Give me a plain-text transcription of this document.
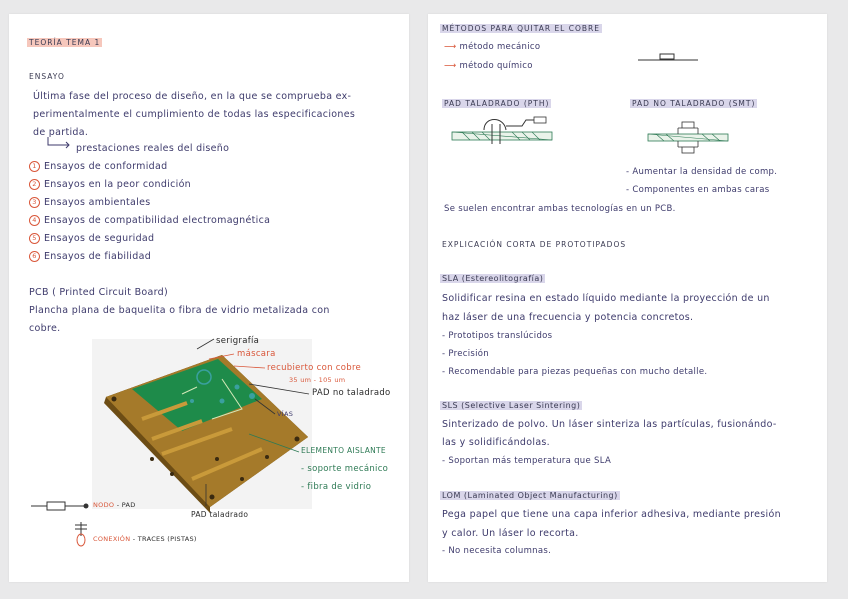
TEORÍA TEMA 1
ENSAYO
Última fase del proceso de diseño, en la que se comprueba ex-
perimentalmente el cumplimiento de todas las especificaciones
de partida.
prestaciones reales del diseño
1 Ensayos de conformidad
2 Ensayos en la peor condición
3 Ensayos ambientales
4 Ensayos de compatibilidad electromagnética
5 Ensayos de seguridad
6 Ensayos de fiabilidad
PCB ( Printed Circuit Board)
Plancha plana de baquelita o fibra de vidrio metalizada con
cobre.
serigrafía
máscara
recubierto con cobre
35 um - 105 um
PAD no taladrado
VÍAS
ELEMENTO AISLANTE
- soporte mecánico
- fibra de vidrio
PAD taladrado
NODO - PAD
CONEXIÓN - TRACES (PISTAS)
MÉTODOS PARA QUITAR EL COBRE
⟶ método mecánico
⟶ método químico
PAD TALADRADO (PTH)	PAD NO TALADRADO (SMT)
- Aumentar la densidad de comp.
- Componentes en ambas caras
Se suelen encontrar ambas tecnologías en un PCB.
EXPLICACIÓN CORTA DE PROTOTIPADOS
SLA (Estereolitografía)
Solidificar resina en estado líquido mediante la proyección de un
haz láser de una frecuencia y potencia concretos.
- Prototipos translúcidos
- Precisión
- Recomendable para piezas pequeñas con mucho detalle.
SLS (Selective Laser Sintering)
Sinterizado de polvo. Un láser sinteriza las partículas, fusionándo-
las y solidificándolas.
- Soportan más temperatura que SLA
LOM (Laminated Object Manufacturing)
Pega papel que tiene una capa inferior adhesiva, mediante presión
y calor. Un láser lo recorta.
- No necesita columnas.
